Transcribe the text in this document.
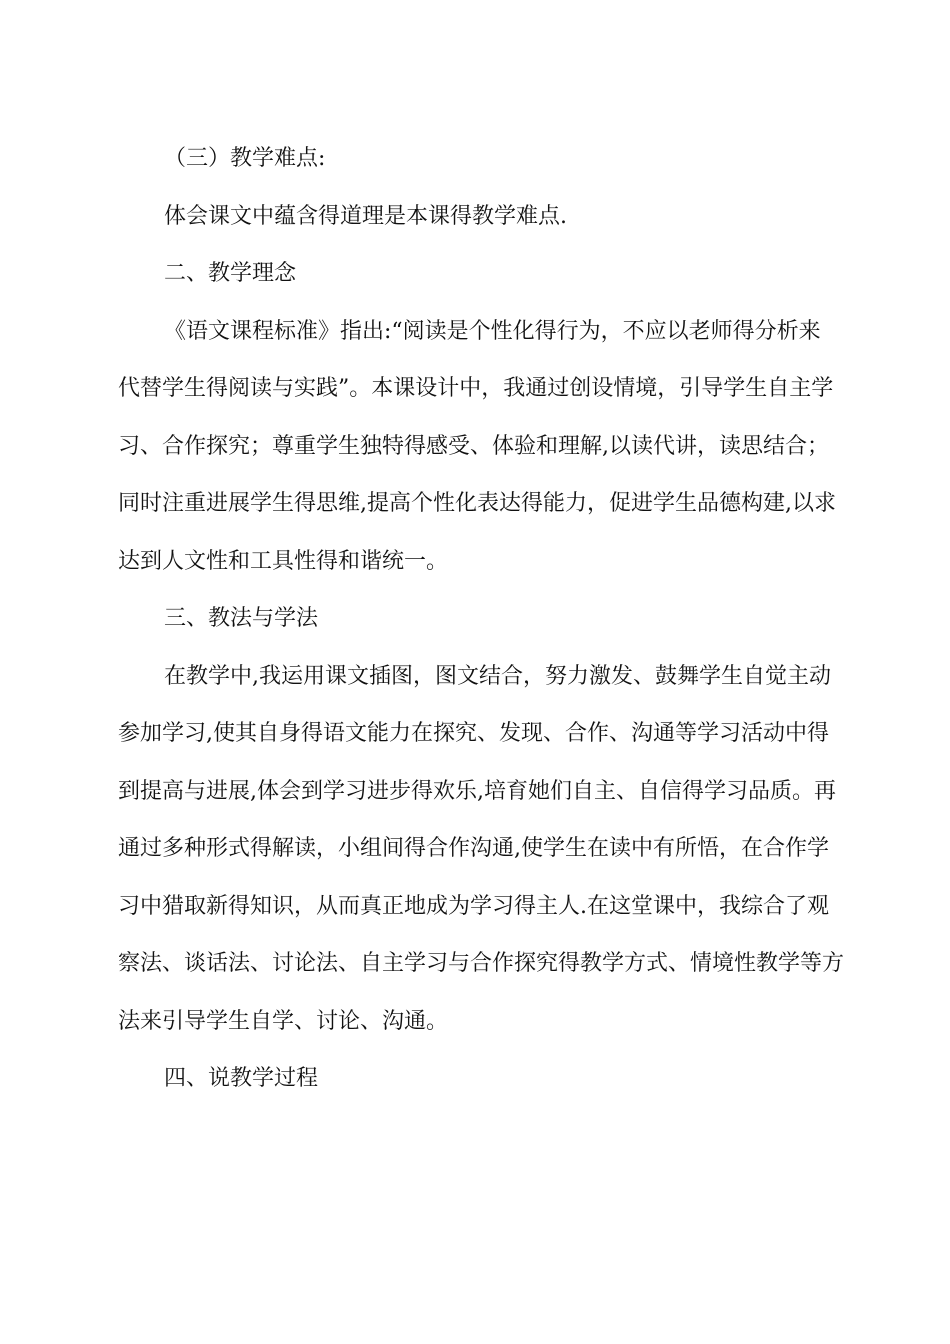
（三）教学难点:
体会课文中蕴含得道理是本课得教学难点.
二、教学理念
《语文课程标准》指出:“阅读是个性化得行为，不应以老师得分析来
代替学生得阅读与实践”。本课设计中，我通过创设情境，引导学生自主学
习、合作探究；尊重学生独特得感受、体验和理解,以读代讲，读思结合；
同时注重进展学生得思维,提高个性化表达得能力，促进学生品德构建,以求
达到人文性和工具性得和谐统一。
三、教法与学法
在教学中,我运用课文插图，图文结合，努力激发、鼓舞学生自觉主动
参加学习,使其自身得语文能力在探究、发现、合作、沟通等学习活动中得
到提高与进展,体会到学习进步得欢乐,培育她们自主、自信得学习品质。再
通过多种形式得解读，小组间得合作沟通,使学生在读中有所悟，在合作学
习中猎取新得知识，从而真正地成为学习得主人.在这堂课中，我综合了观
察法、谈话法、讨论法、自主学习与合作探究得教学方式、情境性教学等方
法来引导学生自学、讨论、沟通。
四、说教学过程
